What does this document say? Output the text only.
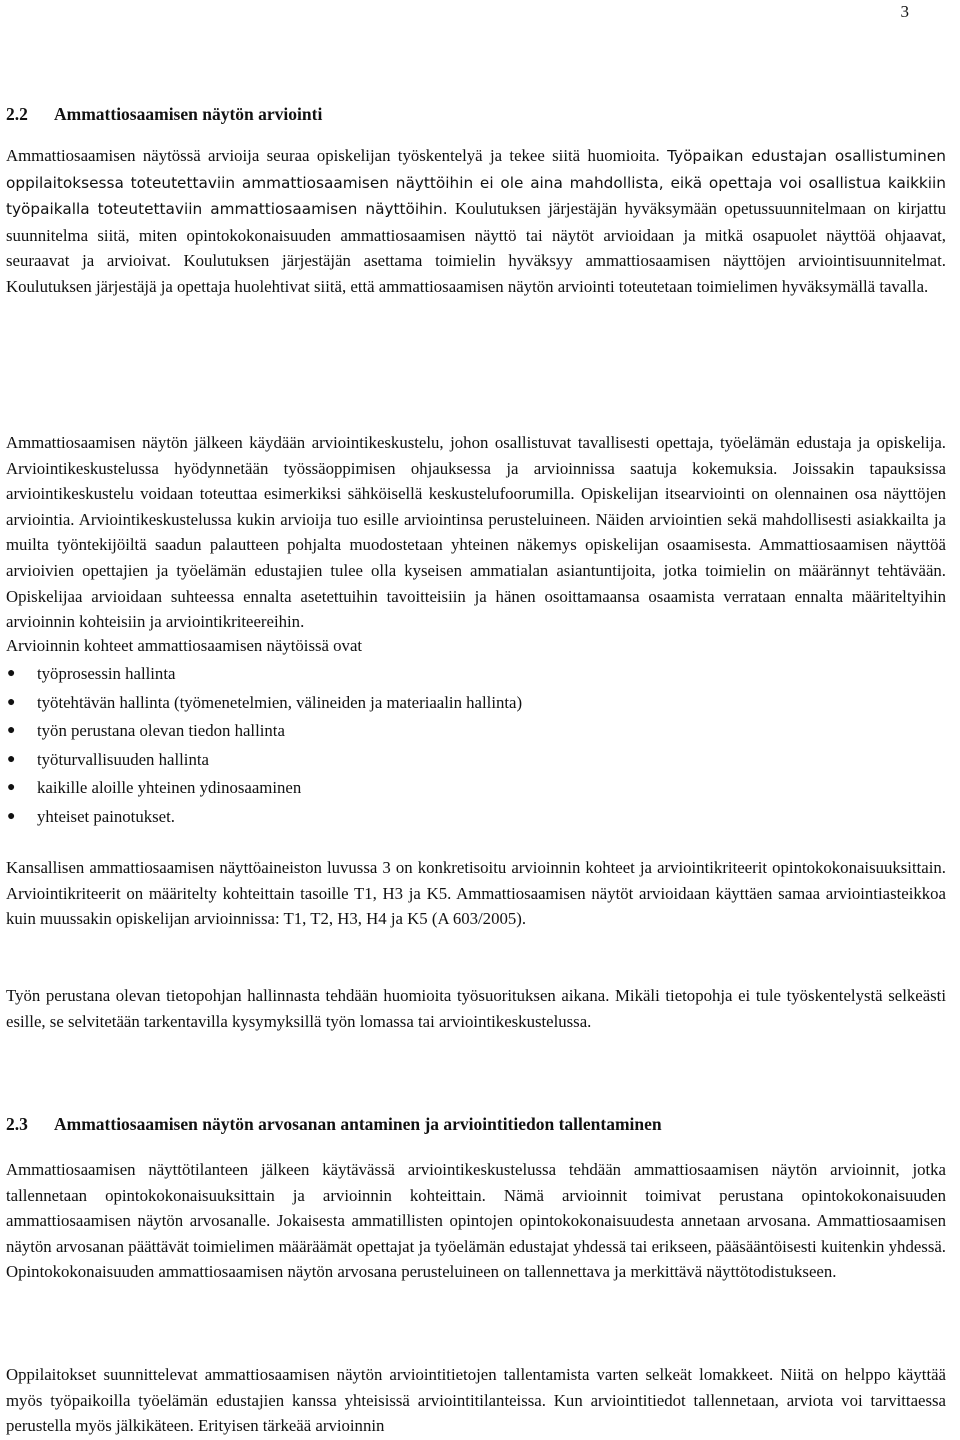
3
2.2	Ammattiosaamisen näytön arviointi

Ammattiosaamisen näytössä arvioija seuraa opiskelijan työskentelyä ja tekee siitä huomioita. Työpaikan edustajan osallistuminen oppilaitoksessa toteutettaviin ammattiosaamisen näyttöihin ei ole aina mahdollista, eikä opettaja voi osallistua kaikkiin työpaikalla toteutettaviin ammattiosaamisen näyttöihin. Koulutuksen järjestäjän hyväksymään opetussuunnitelmaan on kirjattu suunnitelma siitä, miten opintokokonaisuuden ammattiosaamisen näyttö tai näytöt arvioidaan ja mitkä osapuolet näyttöä ohjaavat, seuraavat ja arvioivat. Koulutuksen järjestäjän asettama toimielin hyväksyy ammattiosaamisen näyttöjen arviointisuunnitelmat. Koulutuksen järjestäjä ja opettaja huolehtivat siitä, että ammattiosaamisen näytön arviointi toteutetaan toimielimen hyväksymällä tavalla.

Ammattiosaamisen näytön jälkeen käydään arviointikeskustelu, johon osallistuvat tavallisesti opettaja, työelämän edustaja ja opiskelija. Arviointikeskustelussa hyödynnetään työssäoppimisen ohjauksessa ja arvioinnissa saatuja kokemuksia. Joissakin tapauksissa arviointikeskustelu voidaan toteuttaa esimerkiksi sähköisellä keskustelufoorumilla. Opiskelijan itsearviointi on olennainen osa näyttöjen arviointia. Arviointikeskustelussa kukin arvioija tuo esille arviointinsa perusteluineen. Näiden arviointien sekä mahdollisesti asiakkailta ja muilta työntekijöiltä saadun palautteen pohjalta muodostetaan yhteinen näkemys opiskelijan osaamisesta. Ammattiosaamisen näyttöä arvioivien opettajien ja työelämän edustajien tulee olla kyseisen ammatialan asiantuntijoita, jotka toimielin on määrännyt tehtävään. Opiskelijaa arvioidaan suhteessa ennalta asetettuihin tavoitteisiin ja hänen osoittamaansa osaamista verrataan ennalta määriteltyihin arvioinnin kohteisiin ja arviointikriteereihin.

Arvioinnin kohteet ammattiosaamisen näytöissä ovat

● työprosessin hallinta
● työtehtävän hallinta (työmenetelmien, välineiden ja materiaalin hallinta)
● työn perustana olevan tiedon hallinta
● työturvallisuuden hallinta
● kaikille aloille yhteinen ydinosaaminen
● yhteiset painotukset.

Kansallisen ammattiosaamisen näyttöaineiston luvussa 3 on konkretisoitu arvioinnin kohteet ja arviointikriteerit opintokokonaisuuksittain. Arviointikriteerit on määritelty kohteittain tasoille T1, H3 ja K5. Ammattiosaamisen näytöt arvioidaan käyttäen samaa arviointiasteikkoa kuin muussakin opiskelijan arvioinnissa: T1, T2, H3, H4 ja K5 (A 603/2005).

Työn perustana olevan tietopohjan hallinnasta tehdään huomioita työsuorituksen aikana. Mikäli tietopohja ei tule työskentelystä selkeästi esille, se selvitetään tarkentavilla kysymyksillä työn lomassa tai arviointikeskustelussa.

2.3	Ammattiosaamisen näytön arvosanan antaminen ja arviointitiedon tallentaminen

Ammattiosaamisen näyttötilanteen jälkeen käytävässä arviointikeskustelussa tehdään ammattiosaamisen näytön arvioinnit, jotka tallennetaan opintokokonaisuuksittain ja arvioinnin kohteittain. Nämä arvioinnit toimivat perustana opintokokonaisuuden ammattiosaamisen näytön arvosanalle. Jokaisesta ammatillisten opintojen opintokokonaisuudesta annetaan arvosana. Ammattiosaamisen näytön arvosanan päättävät toimielimen määräämät opettajat ja työelämän edustajat yhdessä tai erikseen, pääsääntöisesti kuitenkin yhdessä. Opintokokonaisuuden ammattiosaamisen näytön arvosana perusteluineen on tallennettava ja merkittävä näyttötodistukseen.

Oppilaitokset suunnittelevat ammattiosaamisen näytön arviointitietojen tallentamista varten selkeät lomakkeet. Niitä on helppo käyttää myös työpaikoilla työelämän edustajien kanssa yhteisissä arviointitilanteissa. Kun arviointitiedot tallennetaan, arviota voi tarvittaessa perustella myös jälkikäteen. Erityisen tärkeää arvioinnin
